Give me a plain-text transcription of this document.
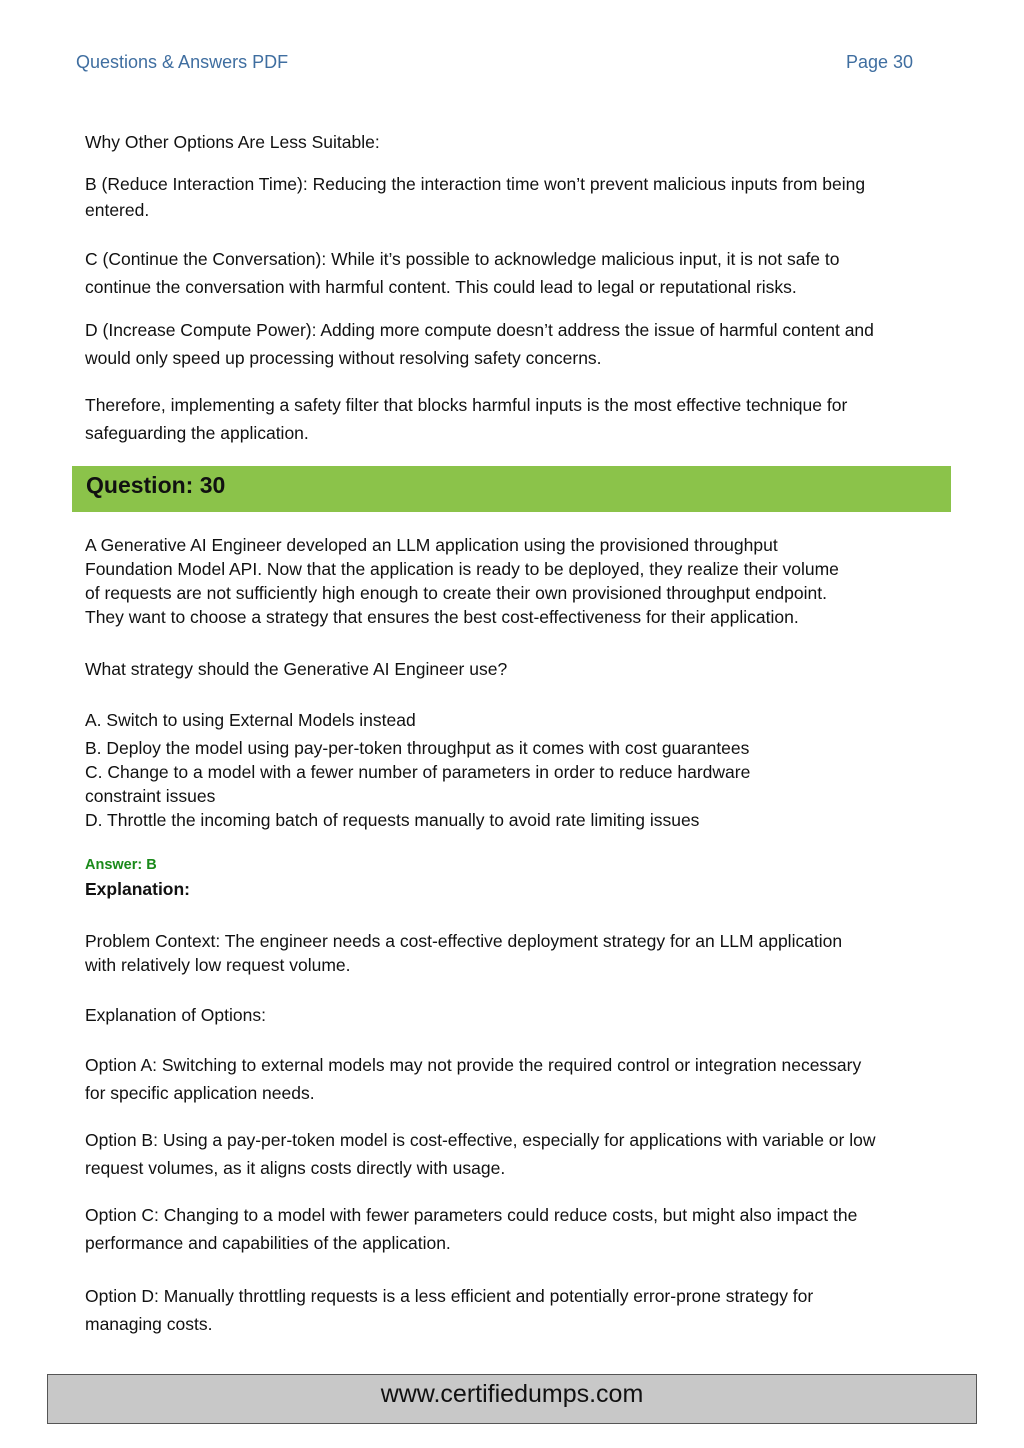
Questions & Answers PDF	Page 30
Why Other Options Are Less Suitable:
B (Reduce Interaction Time): Reducing the interaction time won’t prevent malicious inputs from being
entered.
C (Continue the Conversation): While it’s possible to acknowledge malicious input, it is not safe to
continue the conversation with harmful content. This could lead to legal or reputational risks.
D (Increase Compute Power): Adding more compute doesn’t address the issue of harmful content and
would only speed up processing without resolving safety concerns.
Therefore, implementing a safety filter that blocks harmful inputs is the most effective technique for
safeguarding the application.
Question: 30
A Generative AI Engineer developed an LLM application using the provisioned throughput
Foundation Model API. Now that the application is ready to be deployed, they realize their volume
of requests are not sufficiently high enough to create their own provisioned throughput endpoint.
They want to choose a strategy that ensures the best cost-effectiveness for their application.
What strategy should the Generative AI Engineer use?
A. Switch to using External Models instead
B. Deploy the model using pay-per-token throughput as it comes with cost guarantees
C. Change to a model with a fewer number of parameters in order to reduce hardware
constraint issues
D. Throttle the incoming batch of requests manually to avoid rate limiting issues
Answer: B
Explanation:
Problem Context: The engineer needs a cost-effective deployment strategy for an LLM application
with relatively low request volume.
Explanation of Options:
Option A: Switching to external models may not provide the required control or integration necessary
for specific application needs.
Option B: Using a pay-per-token model is cost-effective, especially for applications with variable or low
request volumes, as it aligns costs directly with usage.
Option C: Changing to a model with fewer parameters could reduce costs, but might also impact the
performance and capabilities of the application.
Option D: Manually throttling requests is a less efficient and potentially error-prone strategy for
managing costs.
www.certifiedumps.com
